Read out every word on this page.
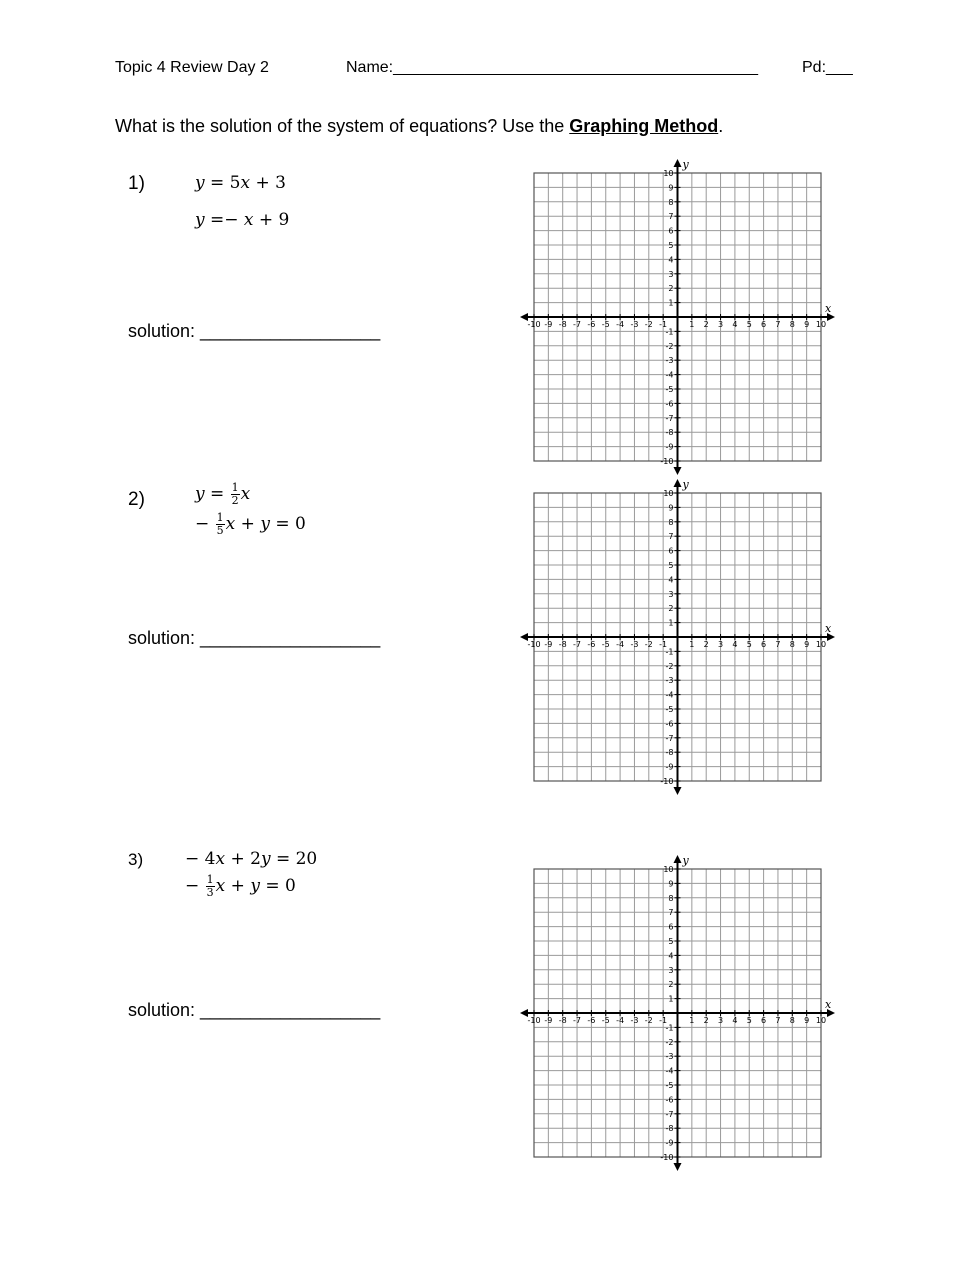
Topic 4 Review Day 2	Name:_________________________________________	Pd:___
What is the solution of the system of equations? Use the Graphing Method.
1)	y = 5x + 3
y =− x + 9
solution: __________________
2)	$y = \frac{1}{2}$ x
− $\frac{1}{5}$ x + y = 0
solution: __________________
3) − 4x + 2y = 20
− $\frac{1}{3}$ x + y = 0
solution: __________________
-10 -9 -8 -7 -6 -5 -4 -3 -2 -1	1 2 3 4 5 6 7 8 9 10
10
9
8
7
6
5
4
3
2
1
-1
-2
-3
-4
-5
-6
-7
-8
-9
-10
x
y
-10 -9 -8 -7 -6 -5 -4 -3 -2 -1	1 2 3 4 5 6 7 8 9 10
10
9
8
7
6
5
4
3
2
1
-1
-2
-3
-4
-5
-6
-7
-8
-9
-10
x
y
-10 -9 -8 -7 -6 -5 -4 -3 -2 -1	1 2 3 4 5 6 7 8 9 10
10
9
8
7
6
5
4
3
2
1
-1
-2
-3
-4
-5
-6
-7
-8
-9
-10
x
y
